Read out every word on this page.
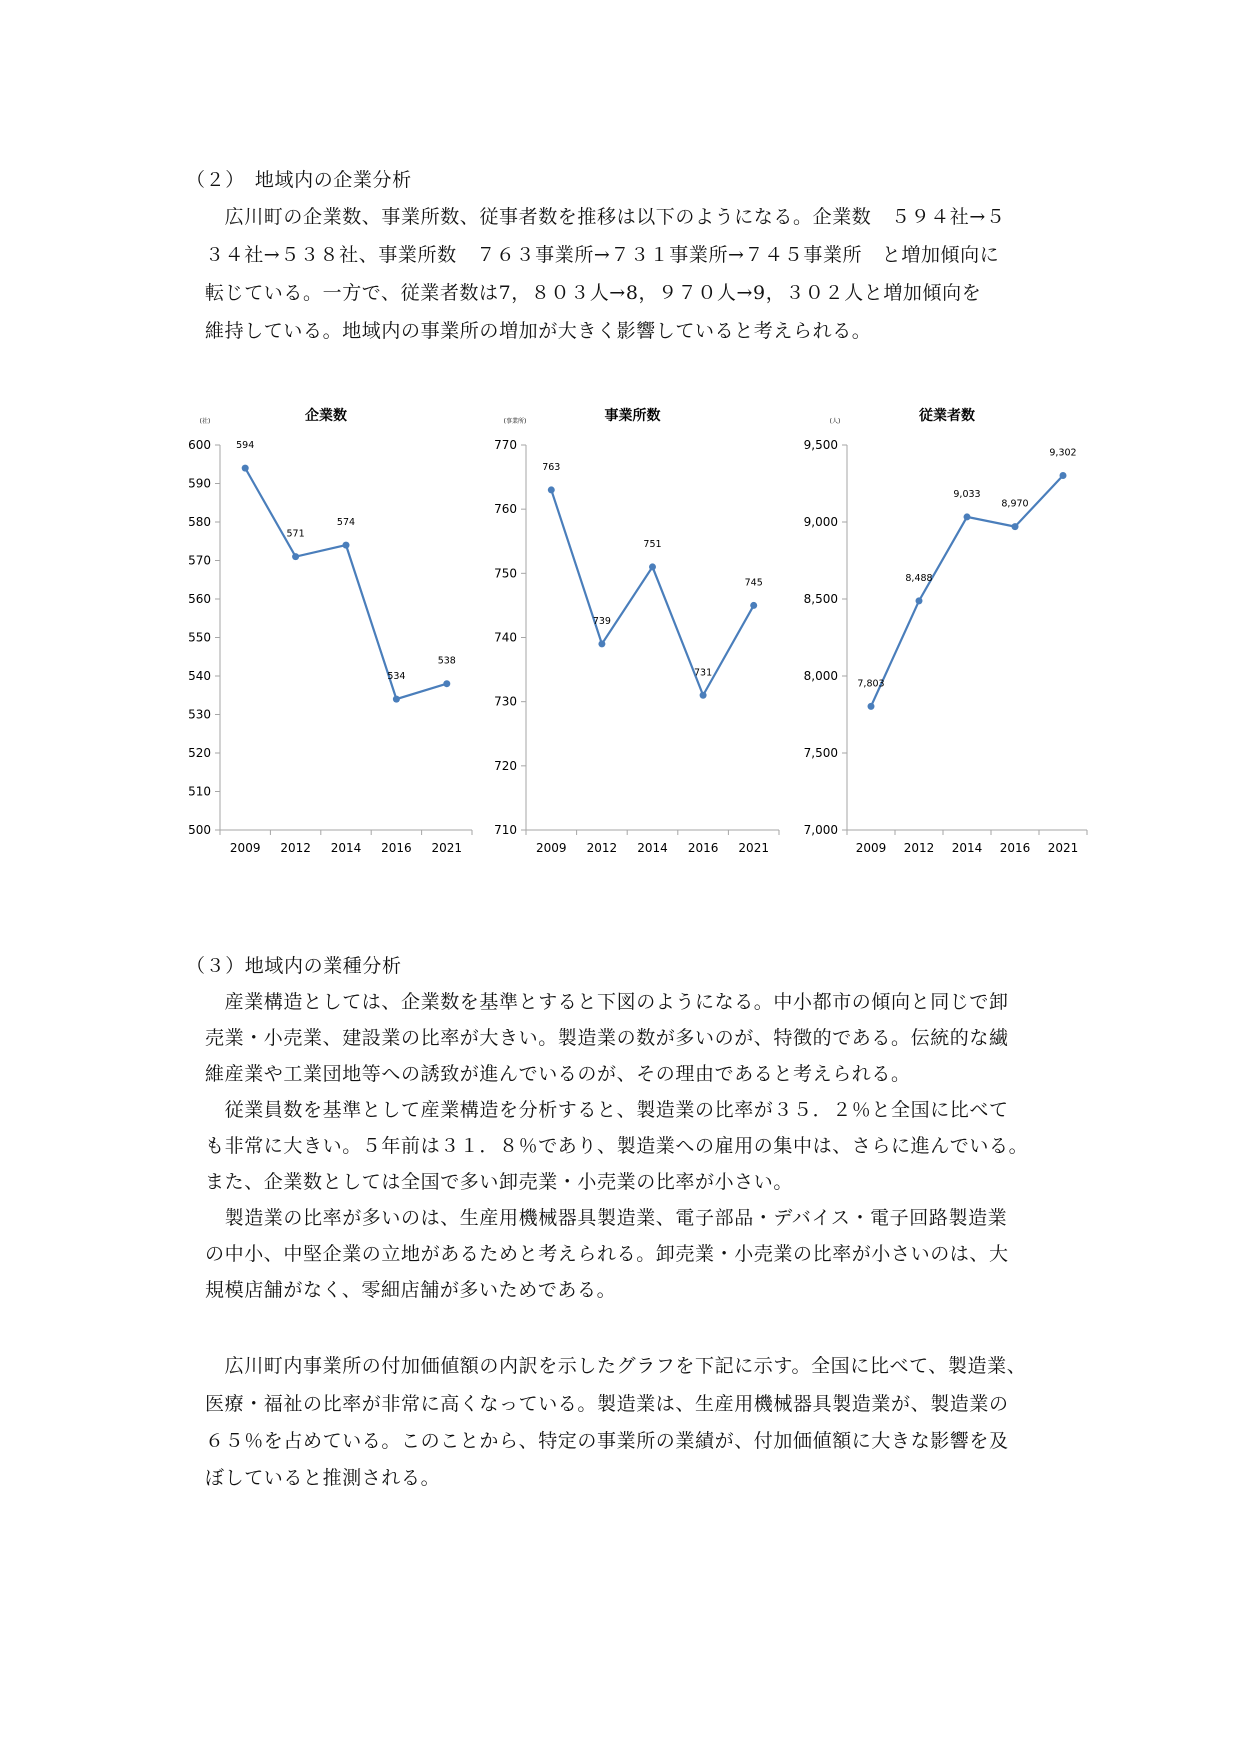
（２）　地域内の企業分析
　広川町の企業数、事業所数、従事者数を推移は以下のようになる。企業数　５９４社→５
３４社→５３８社、事業所数　７６３事業所→７３１事業所→７４５事業所　と増加傾向に
転じている。一方で、従業者数は7，８０３人→8，９７０人→9，３０２人と増加傾向を
維持している。地域内の事業所の増加が大きく影響していると考えられる。
企業数
(社)
500
510
520
530
540
550
560
570
580
590
600
2009 2012 2014 2016 2021
594
571
574
534
538
事業所数
(事業所)
710
720
730
740
750
760
770
2009 2012 2014 2016 2021
763
739
751
731
745
従業者数
(人)
7,000
7,500
8,000
8,500
9,000
9,500
2009 2012 2014 2016 2021
7,803
8,488
9,033
8,970
9,302
（３）地域内の業種分析
　産業構造としては、企業数を基準とすると下図のようになる。中小都市の傾向と同じで卸
売業・小売業、建設業の比率が大きい。製造業の数が多いのが、特徴的である。伝統的な繊
維産業や工業団地等への誘致が進んでいるのが、その理由であると考えられる。
　従業員数を基準として産業構造を分析すると、製造業の比率が３５．２％と全国に比べて
も非常に大きい。５年前は３１．８％であり、製造業への雇用の集中は、さらに進んでいる。
また、企業数としては全国で多い卸売業・小売業の比率が小さい。
　製造業の比率が多いのは、生産用機械器具製造業、電子部品・デバイス・電子回路製造業
の中小、中堅企業の立地があるためと考えられる。卸売業・小売業の比率が小さいのは、大
規模店舗がなく、零細店舗が多いためである。
　広川町内事業所の付加価値額の内訳を示したグラフを下記に示す。全国に比べて、製造業、
医療・福祉の比率が非常に高くなっている。製造業は、生産用機械器具製造業が、製造業の
６５％を占めている。このことから、特定の事業所の業績が、付加価値額に大きな影響を及
ぼしていると推測される。
